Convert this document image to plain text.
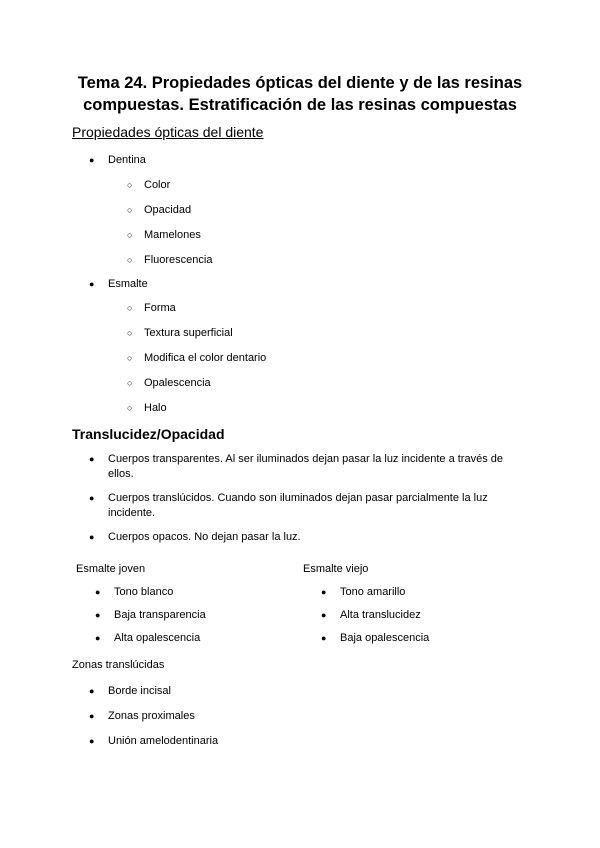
Tema 24. Propiedades ópticas del diente y de las resinas
compuestas. Estratificación de las resinas compuestas
Propiedades ópticas del diente
● Dentina
○ Color
○ Opacidad
○ Mamelones
○ Fluorescencia
● Esmalte
○ Forma
○ Textura superficial
○ Modifica el color dentario
○ Opalescencia
○ Halo
Translucidez/Opacidad
● Cuerpos transparentes. Al ser iluminados dejan pasar la luz incidente a través de
ellos.
● Cuerpos translúcidos. Cuando son iluminados dejan pasar parcialmente la luz
incidente.
● Cuerpos opacos. No dejan pasar la luz.
Esmalte joven
● Tono blanco
● Baja transparencia
● Alta opalescencia
Esmalte viejo
● Tono amarillo
● Alta translucidez
● Baja opalescencia
Zonas translúcidas
● Borde incisal
● Zonas proximales
● Unión amelodentinaria
